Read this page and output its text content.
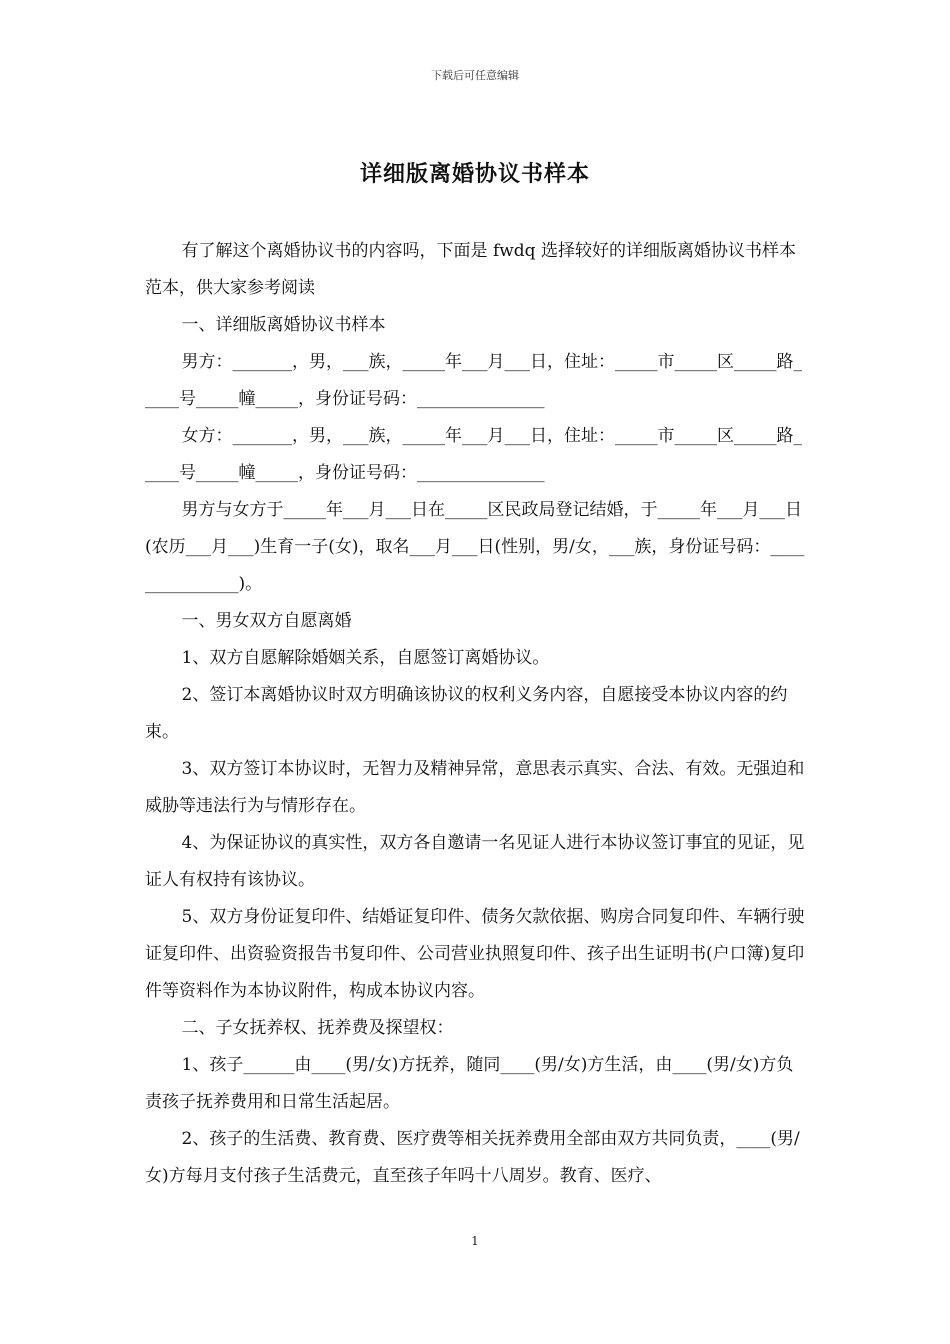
下载后可任意编辑
详细版离婚协议书样本

有了解这个离婚协议书的内容吗，下面是 fwdq 选择较好的详细版离婚协议书样本范本，供大家参考阅读

一、详细版离婚协议书样本

男方：_______，男，___族，_____年___月___日，住址：_____市_____区_____路_____号_____幢_____，身份证号码：_______________

女方：_______，男，___族，_____年___月___日，住址：_____市_____区_____路_____号_____幢_____，身份证号码：_______________

男方与女方于_____年___月___日在_____区民政局登记结婚，于_____年___月___日(农历___月___)生育一子(女)，取名___月___日(性别，男/女，___族，身份证号码：_______________)。

一、男女双方自愿离婚

1、双方自愿解除婚姻关系，自愿签订离婚协议。

2、签订本离婚协议时双方明确该协议的权利义务内容，自愿接受本协议内容的约束。

3、双方签订本协议时，无智力及精神异常，意思表示真实、合法、有效。无强迫和威胁等违法行为与情形存在。

4、为保证协议的真实性，双方各自邀请一名见证人进行本协议签订事宜的见证，见证人有权持有该协议。

5、双方身份证复印件、结婚证复印件、债务欠款依据、购房合同复印件、车辆行驶证复印件、出资验资报告书复印件、公司营业执照复印件、孩子出生证明书(户口簿)复印件等资料作为本协议附件，构成本协议内容。

二、子女抚养权、抚养费及探望权：

1、孩子______由____(男/女)方抚养，随同____(男/女)方生活，由____(男/女)方负责孩子抚养费用和日常生活起居。

2、孩子的生活费、教育费、医疗费等相关抚养费用全部由双方共同负责，____(男/女)方每月支付孩子生活费元，直至孩子年吗十八周岁。教育、医疗、

1
